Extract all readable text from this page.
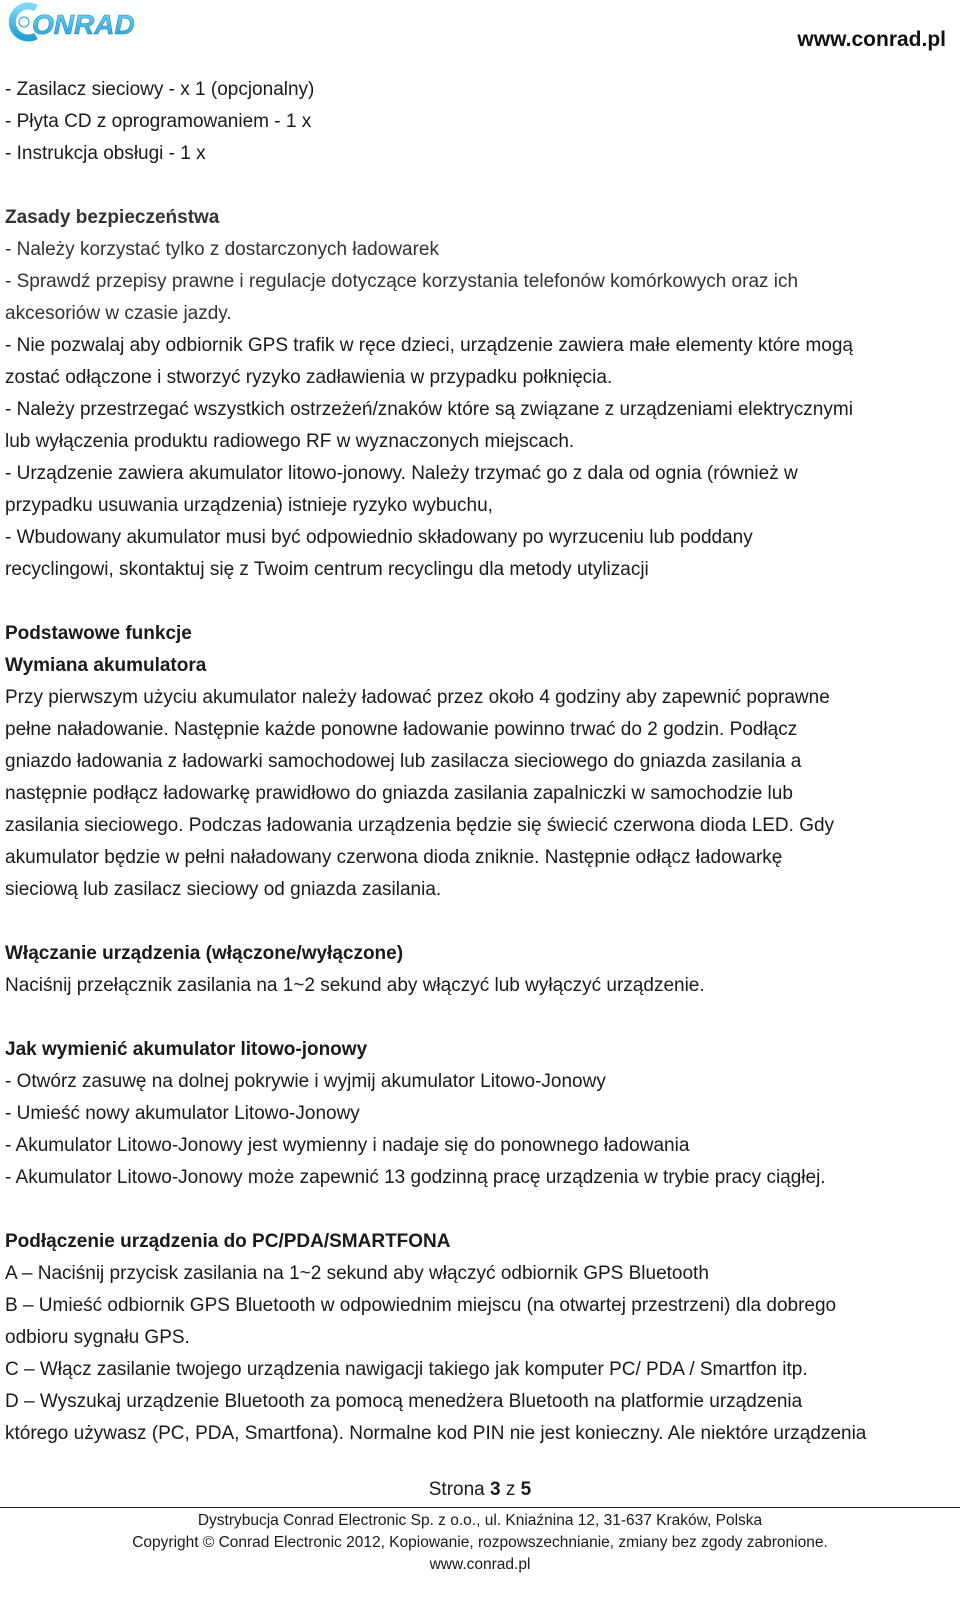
ONRAD	www.conrad.pl
- Zasilacz sieciowy - x 1 (opcjonalny)
- Płyta CD z oprogramowaniem - 1 x
- Instrukcja obsługi - 1 x
Zasady bezpieczeństwa
- Należy korzystać tylko z dostarczonych ładowarek
- Sprawdź przepisy prawne i regulacje dotyczące korzystania telefonów komórkowych oraz ich
akcesoriów w czasie jazdy.
- Nie pozwalaj aby odbiornik GPS trafik w ręce dzieci, urządzenie zawiera małe elementy które mogą
zostać odłączone i stworzyć ryzyko zadławienia w przypadku połknięcia.
- Należy przestrzegać wszystkich ostrzeżeń/znaków które są związane z urządzeniami elektrycznymi
lub wyłączenia produktu radiowego RF w wyznaczonych miejscach.
- Urządzenie zawiera akumulator litowo-jonowy. Należy trzymać go z dala od ognia (również w
przypadku usuwania urządzenia) istnieje ryzyko wybuchu,
- Wbudowany akumulator musi być odpowiednio składowany po wyrzuceniu lub poddany
recyclingowi, skontaktuj się z Twoim centrum recyclingu dla metody utylizacji
Podstawowe funkcje
Wymiana akumulatora
Przy pierwszym użyciu akumulator należy ładować przez około 4 godziny aby zapewnić poprawne
pełne naładowanie. Następnie każde ponowne ładowanie powinno trwać do 2 godzin. Podłącz
gniazdo ładowania z ładowarki samochodowej lub zasilacza sieciowego do gniazda zasilania a
następnie podłącz ładowarkę prawidłowo do gniazda zasilania zapalniczki w samochodzie lub
zasilania sieciowego. Podczas ładowania urządzenia będzie się świecić czerwona dioda LED. Gdy
akumulator będzie w pełni naładowany czerwona dioda zniknie. Następnie odłącz ładowarkę
sieciową lub zasilacz sieciowy od gniazda zasilania.
Włączanie urządzenia (włączone/wyłączone)
Naciśnij przełącznik zasilania na 1~2 sekund aby włączyć lub wyłączyć urządzenie.
Jak wymienić akumulator litowo-jonowy
- Otwórz zasuwę na dolnej pokrywie i wyjmij akumulator Litowo-Jonowy
- Umieść nowy akumulator Litowo-Jonowy
- Akumulator Litowo-Jonowy jest wymienny i nadaje się do ponownego ładowania
- Akumulator Litowo-Jonowy może zapewnić 13 godzinną pracę urządzenia w trybie pracy ciągłej.
Podłączenie urządzenia do PC/PDA/SMARTFONA
A – Naciśnij przycisk zasilania na 1~2 sekund aby włączyć odbiornik GPS Bluetooth
B – Umieść odbiornik GPS Bluetooth w odpowiednim miejscu (na otwartej przestrzeni) dla dobrego
odbioru sygnału GPS.
C – Włącz zasilanie twojego urządzenia nawigacji takiego jak komputer PC/ PDA / Smartfon itp.
D – Wyszukaj urządzenie Bluetooth za pomocą menedżera Bluetooth na platformie urządzenia
którego używasz (PC, PDA, Smartfona). Normalne kod PIN nie jest konieczny. Ale niektóre urządzenia
Strona 3 z 5
Dystrybucja Conrad Electronic Sp. z o.o., ul. Kniaźnina 12, 31-637 Kraków, Polska
Copyright © Conrad Electronic 2012, Kopiowanie, rozpowszechnianie, zmiany bez zgody zabronione.
www.conrad.pl
